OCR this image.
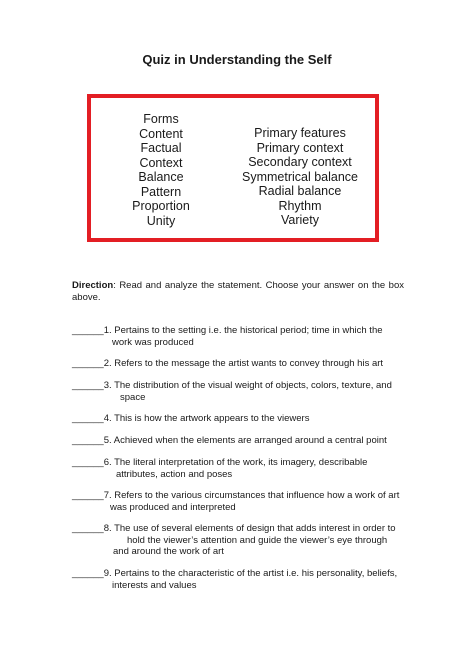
Quiz in Understanding the Self
Forms
Content
Factual
Context
Balance
Pattern
Proportion
Unity
Primary features
Primary context
Secondary context
Symmetrical balance
Radial balance
Rhythm
Variety
Direction: Read and analyze the statement. Choose your answer on the box above.
______1. Pertains to the setting i.e. the historical period; time in which the
work was produced
______2. Refers to the message the artist wants to convey through his art
______3. The distribution of the visual weight of objects, colors, texture, and
space
______4. This is how the artwork appears to the viewers
______5. Achieved when the elements are arranged around a central point
______6. The literal interpretation of the work, its imagery, describable
attributes, action and poses
______7. Refers to the various circumstances that influence how a work of art
was produced and interpreted
______8. The use of several elements of design that adds interest in order to
hold the viewer’s attention and guide the viewer’s eye through
and around the work of art
______9. Pertains to the characteristic of the artist i.e. his personality, beliefs,
interests and values
